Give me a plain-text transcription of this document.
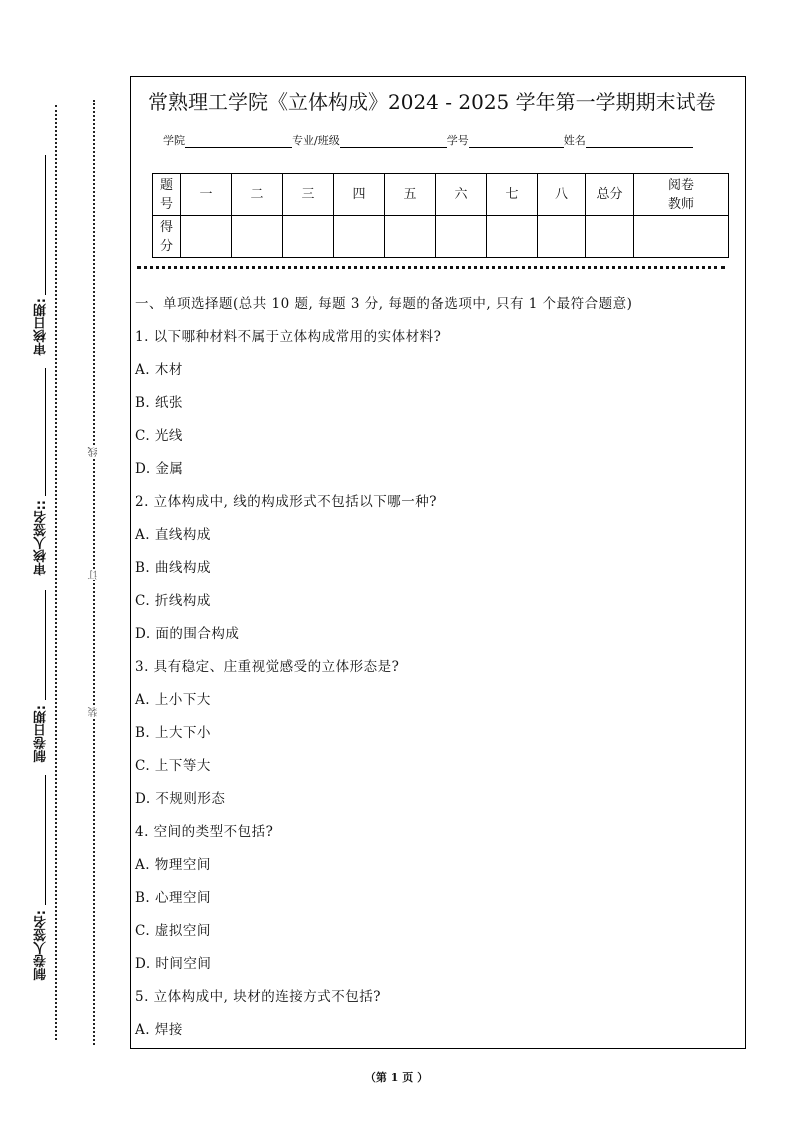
审核日期:
审核人签名::
制卷日期:
制卷人签名:
线
订
装
常熟理工学院《立体构成》2024 - 2025 学年第一学期期末试卷
学院	专业/班级	学号	姓名
题号	一	二	三	四	五	六	七	八	总分	阅卷教师
得分										
一、单项选择题(总共 10 题, 每题 3 分, 每题的备选项中, 只有 1 个最符合题意)
1. 以下哪种材料不属于立体构成常用的实体材料?
A. 木材
B. 纸张
C. 光线
D. 金属
2. 立体构成中, 线的构成形式不包括以下哪一种?
A. 直线构成
B. 曲线构成
C. 折线构成
D. 面的围合构成
3. 具有稳定、庄重视觉感受的立体形态是?
A. 上小下大
B. 上大下小
C. 上下等大
D. 不规则形态
4. 空间的类型不包括?
A. 物理空间
B. 心理空间
C. 虚拟空间
D. 时间空间
5. 立体构成中, 块材的连接方式不包括?
A. 焊接
（第 1 页 ）
